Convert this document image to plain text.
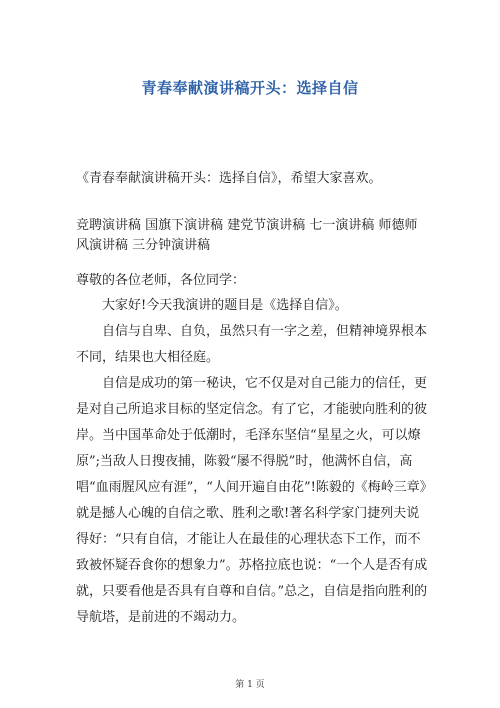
青春奉献演讲稿开头：选择自信
《青春奉献演讲稿开头：选择自信》，希望大家喜欢。
竞聘演讲稿 国旗下演讲稿 建党节演讲稿 七一演讲稿 师德师风演讲稿 三分钟演讲稿
尊敬的各位老师，各位同学：

大家好!今天我演讲的题目是《选择自信》。

自信与自卑、自负，虽然只有一字之差，但精神境界根本不同，结果也大相径庭。

自信是成功的第一秘诀，它不仅是对自己能力的信任，更是对自己所追求目标的坚定信念。有了它，才能驶向胜利的彼岸。当中国革命处于低潮时，毛泽东坚信“星星之火，可以燎原”;当敌人日搜夜捕，陈毅“屡不得脱”时，他满怀自信，高唱“血雨腥风应有涯”，“人间开遍自由花”!陈毅的《梅岭三章》就是撼人心魄的自信之歌、胜利之歌!著名科学家门捷列夫说得好：“只有自信，才能让人在最佳的心理状态下工作，而不致被怀疑吞食你的想象力”。苏格拉底也说：“一个人是否有成就，只要看他是否具有自尊和自信。”总之，自信是指向胜利的导航塔，是前进的不竭动力。

第 1 页
